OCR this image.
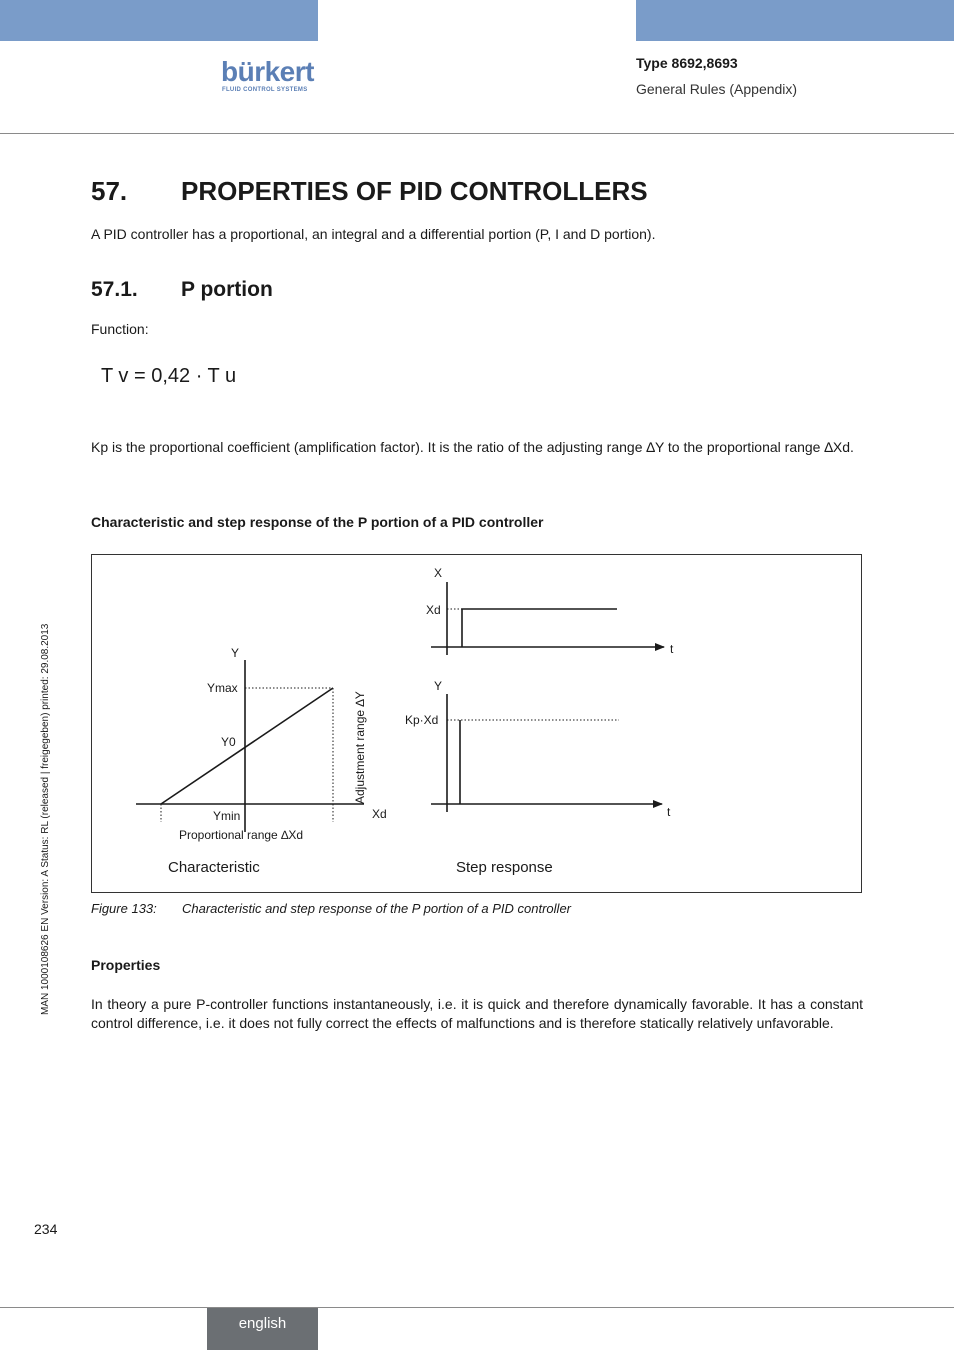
bürkert
FLUID CONTROL SYSTEMS
Type 8692,8693
General Rules (Appendix)
MAN 1000108626 EN Version: A Status: RL (released | freigegeben) printed: 29.08.2013
57. PROPERTIES OF PID CONTROLLERS
A PID controller has a proportional, an integral and a differential portion (P, I and D portion).
57.1. P portion
Function:
T v = 0,42 · T u
Kp is the proportional coefficient (amplification factor). It is the ratio of the adjusting range ∆Y to the proportional range ∆Xd.
Characteristic and step response of the P portion of a PID controller
Y
Ymax
Y0
Ymin	Xd
Proportional range ∆Xd
Adjustment range ∆Y
Characteristic
X
Xd
t
Y
Kp·Xd
t
Step response
Figure 133: Characteristic and step response of the P portion of a PID controller
Properties
In theory a pure P-controller functions instantaneously, i.e. it is quick and therefore dynamically favorable. It has a constant control difference, i.e. it does not fully correct the effects of malfunctions and is therefore statically relatively unfavorable.
234
english
